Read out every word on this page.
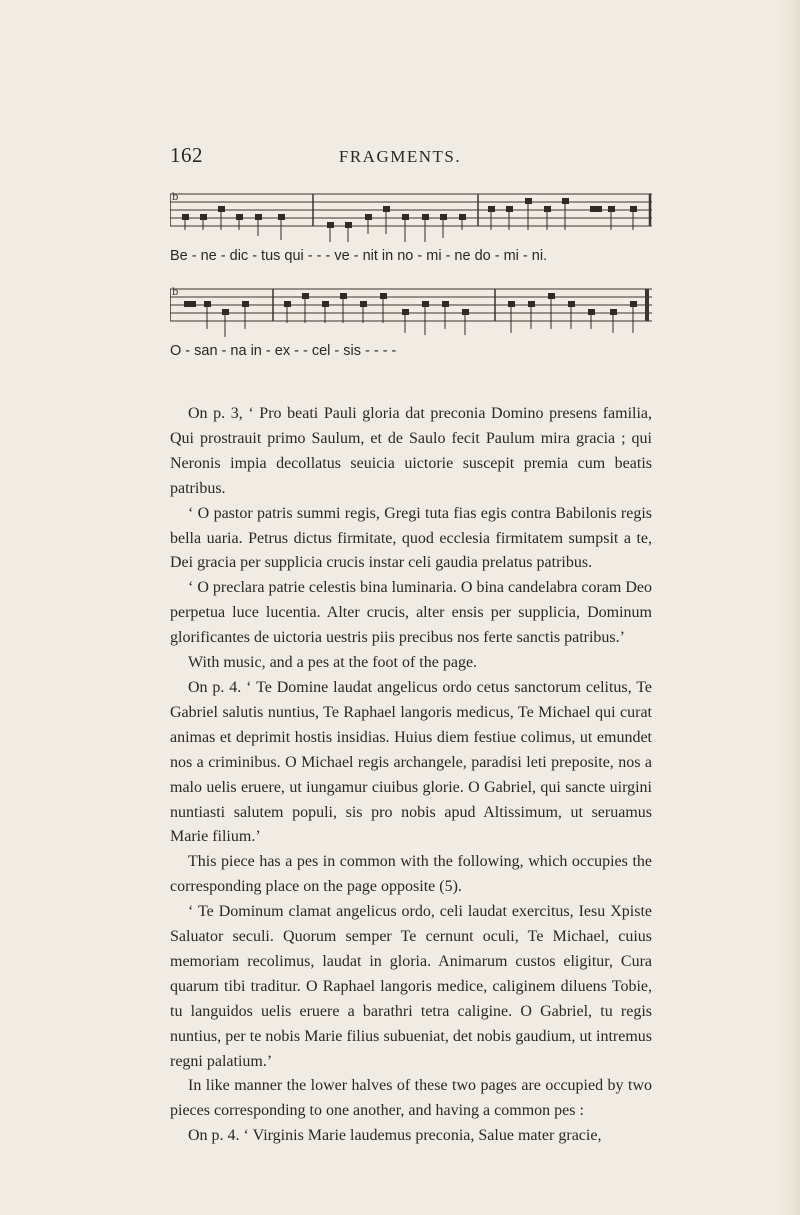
162	FRAGMENTS.
b
Be - ne - dic - tus qui - - - ve - nit in no - mi - ne do - mi - ni.
b
O - san - na in - ex - - cel - sis - - - -

On p. 3, ‘ Pro beati Pauli gloria dat preconia Domino presens familia, Qui prostrauit primo Saulum, et de Saulo fecit Paulum mira gracia ; qui Neronis impia decollatus seuicia uictorie suscepit premia cum beatis patribus.

‘ O pastor patris summi regis, Gregi tuta fias egis contra Babilonis regis bella uaria. Petrus dictus firmitate, quod ecclesia firmitatem sumpsit a te, Dei gracia per supplicia crucis instar celi gaudia prelatus patribus.

‘ O preclara patrie celestis bina luminaria. O bina candelabra coram Deo perpetua luce lucentia. Alter crucis, alter ensis per supplicia, Dominum glorificantes de uictoria uestris piis precibus nos ferte sanctis patribus.’

With music, and a pes at the foot of the page.

On p. 4. ‘ Te Domine laudat angelicus ordo cetus sanctorum celitus, Te Gabriel salutis nuntius, Te Raphael langoris medicus, Te Michael qui curat animas et deprimit hostis insidias. Huius diem festiue colimus, ut emundet nos a criminibus. O Michael regis archangele, paradisi leti preposite, nos a malo uelis eruere, ut iungamur ciuibus glorie. O Gabriel, qui sancte uirgini nuntiasti salutem populi, sis pro nobis apud Altissimum, ut seruamus Marie filium.’

This piece has a pes in common with the following, which occupies the corresponding place on the page opposite (5).

‘ Te Dominum clamat angelicus ordo, celi laudat exercitus, Iesu Xpiste Saluator seculi. Quorum semper Te cernunt oculi, Te Michael, cuius memoriam recolimus, laudat in gloria. Animarum custos eligitur, Cura quarum tibi traditur. O Raphael langoris medice, caliginem diluens Tobie, tu languidos uelis eruere a barathri tetra caligine. O Gabriel, tu regis nuntius, per te nobis Marie filius subueniat, det nobis gaudium, ut intremus regni palatium.’

In like manner the lower halves of these two pages are occupied by two pieces corresponding to one another, and having a common pes :

On p. 4. ‘ Virginis Marie laudemus preconia, Salue mater gracie,
